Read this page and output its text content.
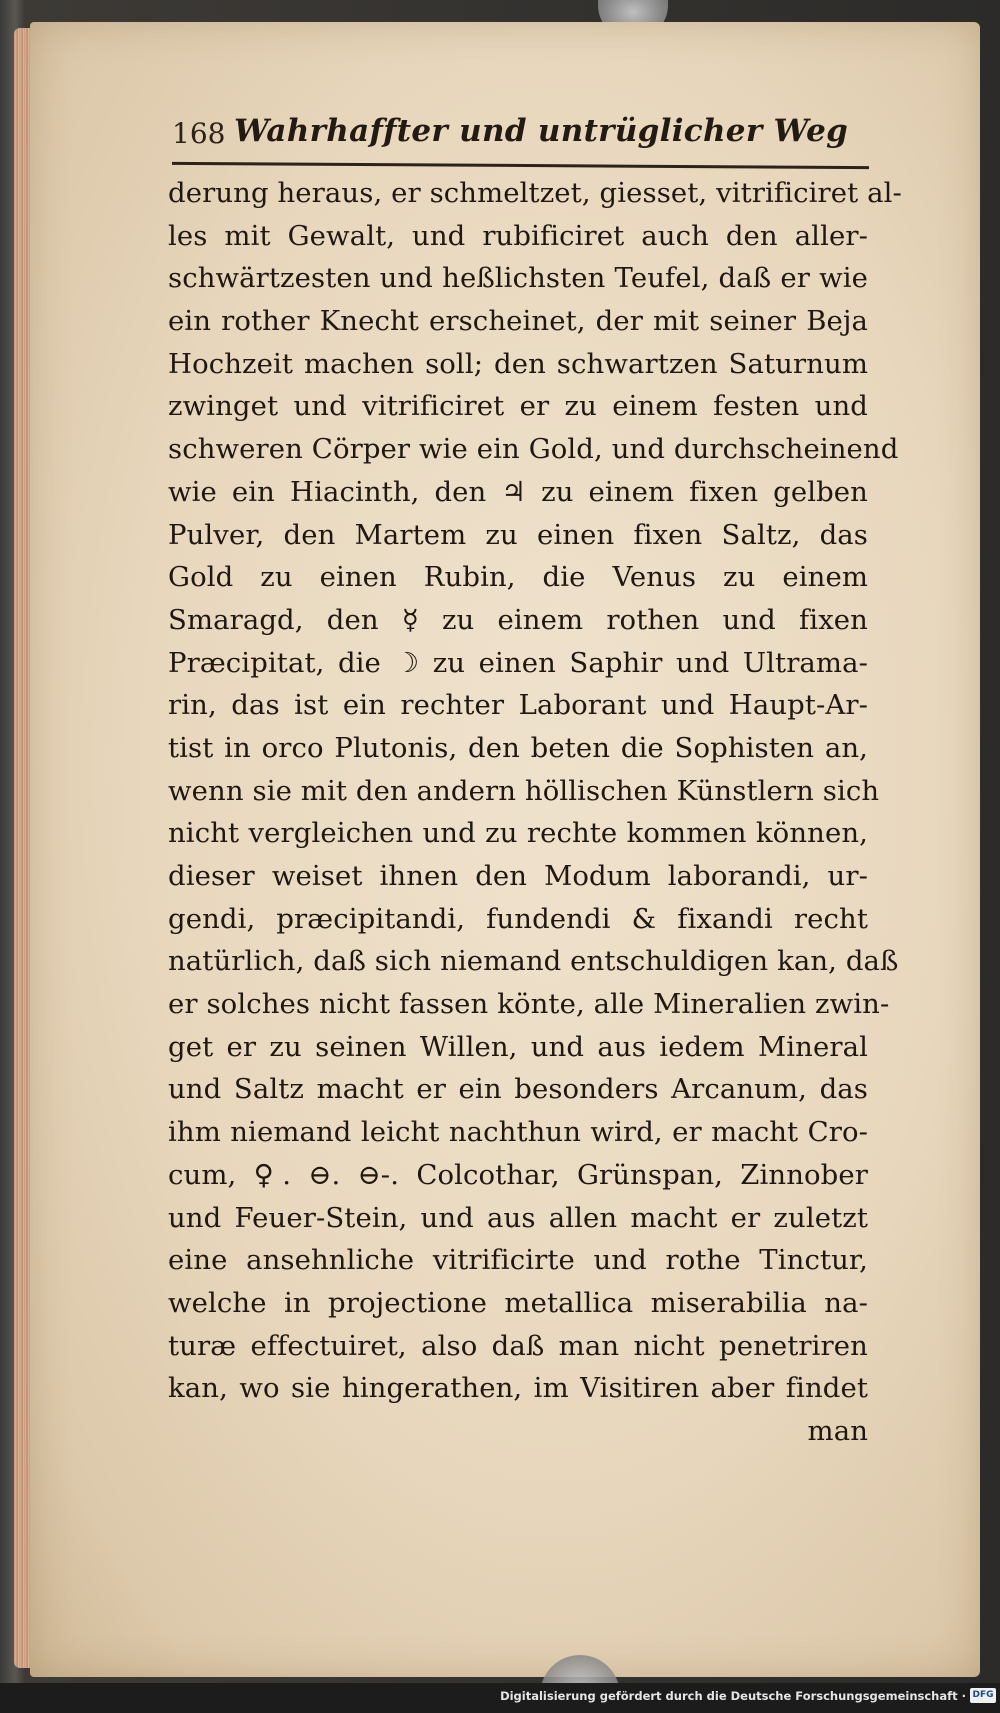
168 Wahrhaffter und untrüglicher Weg
derung heraus, er schmeltzet, giesset, vitrificiret al-
les mit Gewalt, und rubificiret auch den aller-
schwärtzesten und heßlichsten Teufel, daß er wie
ein rother Knecht erscheinet, der mit seiner Beja
Hochzeit machen soll; den schwartzen Saturnum
zwinget und vitrificiret er zu einem festen und
schweren Cörper wie ein Gold, und durchscheinend
wie ein Hiacinth, den ♃ zu einem fixen gelben
Pulver, den Martem zu einen fixen Saltz, das
Gold zu einen Rubin, die Venus zu einem
Smaragd, den ☿ zu einem rothen und fixen
Præcipitat, die ☽ zu einen Saphir und Ultrama-
rin, das ist ein rechter Laborant und Haupt-Ar-
tist in orco Plutonis, den beten die Sophisten an,
wenn sie mit den andern höllischen Künstlern sich
nicht vergleichen und zu rechte kommen können,
dieser weiset ihnen den Modum laborandi, ur-
gendi, præcipitandi, fundendi & fixandi recht
natürlich, daß sich niemand entschuldigen kan, daß
er solches nicht fassen könte, alle Mineralien zwin-
get er zu seinen Willen, und aus iedem Mineral
und Saltz macht er ein besonders Arcanum, das
ihm niemand leicht nachthun wird, er macht Cro-
cum, ♀. ⊖. ⊖-. Colcothar, Grünspan, Zinnober
und Feuer-Stein, und aus allen macht er zuletzt
eine ansehnliche vitrificirte und rothe Tinctur,
welche in projectione metallica miserabilia na-
turæ effectuiret, also daß man nicht penetriren
kan, wo sie hingerathen, im Visitiren aber findet
man
Digitalisierung gefördert durch die Deutsche Forschungsgemeinschaft · DFG
